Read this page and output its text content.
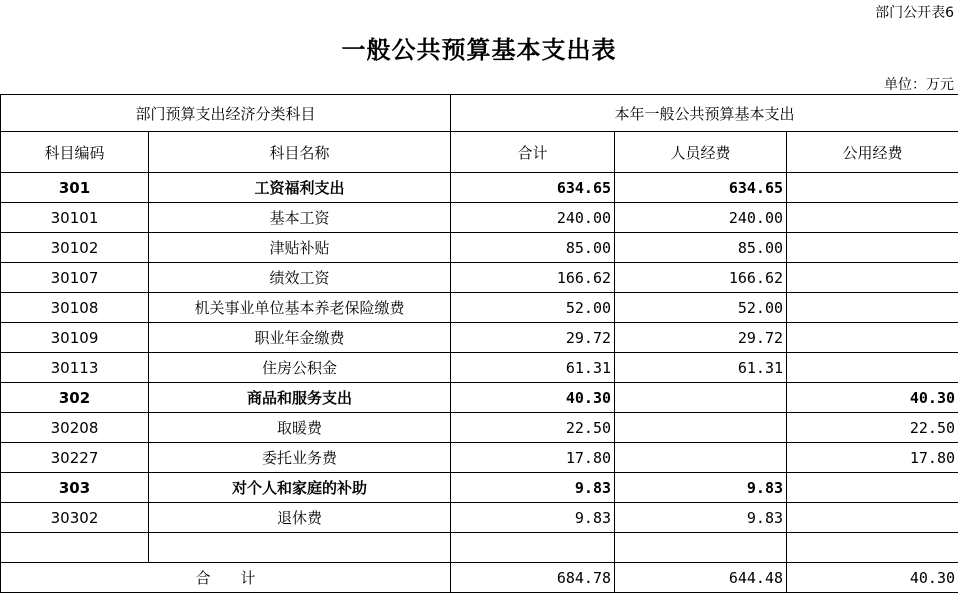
部门公开表6
一般公共预算基本支出表
单位：万元
部门预算支出经济分类科目		本年一般公共预算基本支出		
科目编码	科目名称	合计	人员经费	公用经费
301	工资福利支出	634.65	634.65	
30101	基本工资	240.00	240.00	
30102	津贴补贴	85.00	85.00	
30107	绩效工资	166.62	166.62	
30108	机关事业单位基本养老保险缴费	52.00	52.00	
30109	职业年金缴费	29.72	29.72	
30113	住房公积金	61.31	61.31	
302	商品和服务支出	40.30		40.30
30208	取暖费	22.50		22.50
30227	委托业务费	17.80		17.80
303	对个人和家庭的补助	9.83	9.83	
30302	退休费	9.83	9.83	

合　　计		684.78	644.48	40.30
